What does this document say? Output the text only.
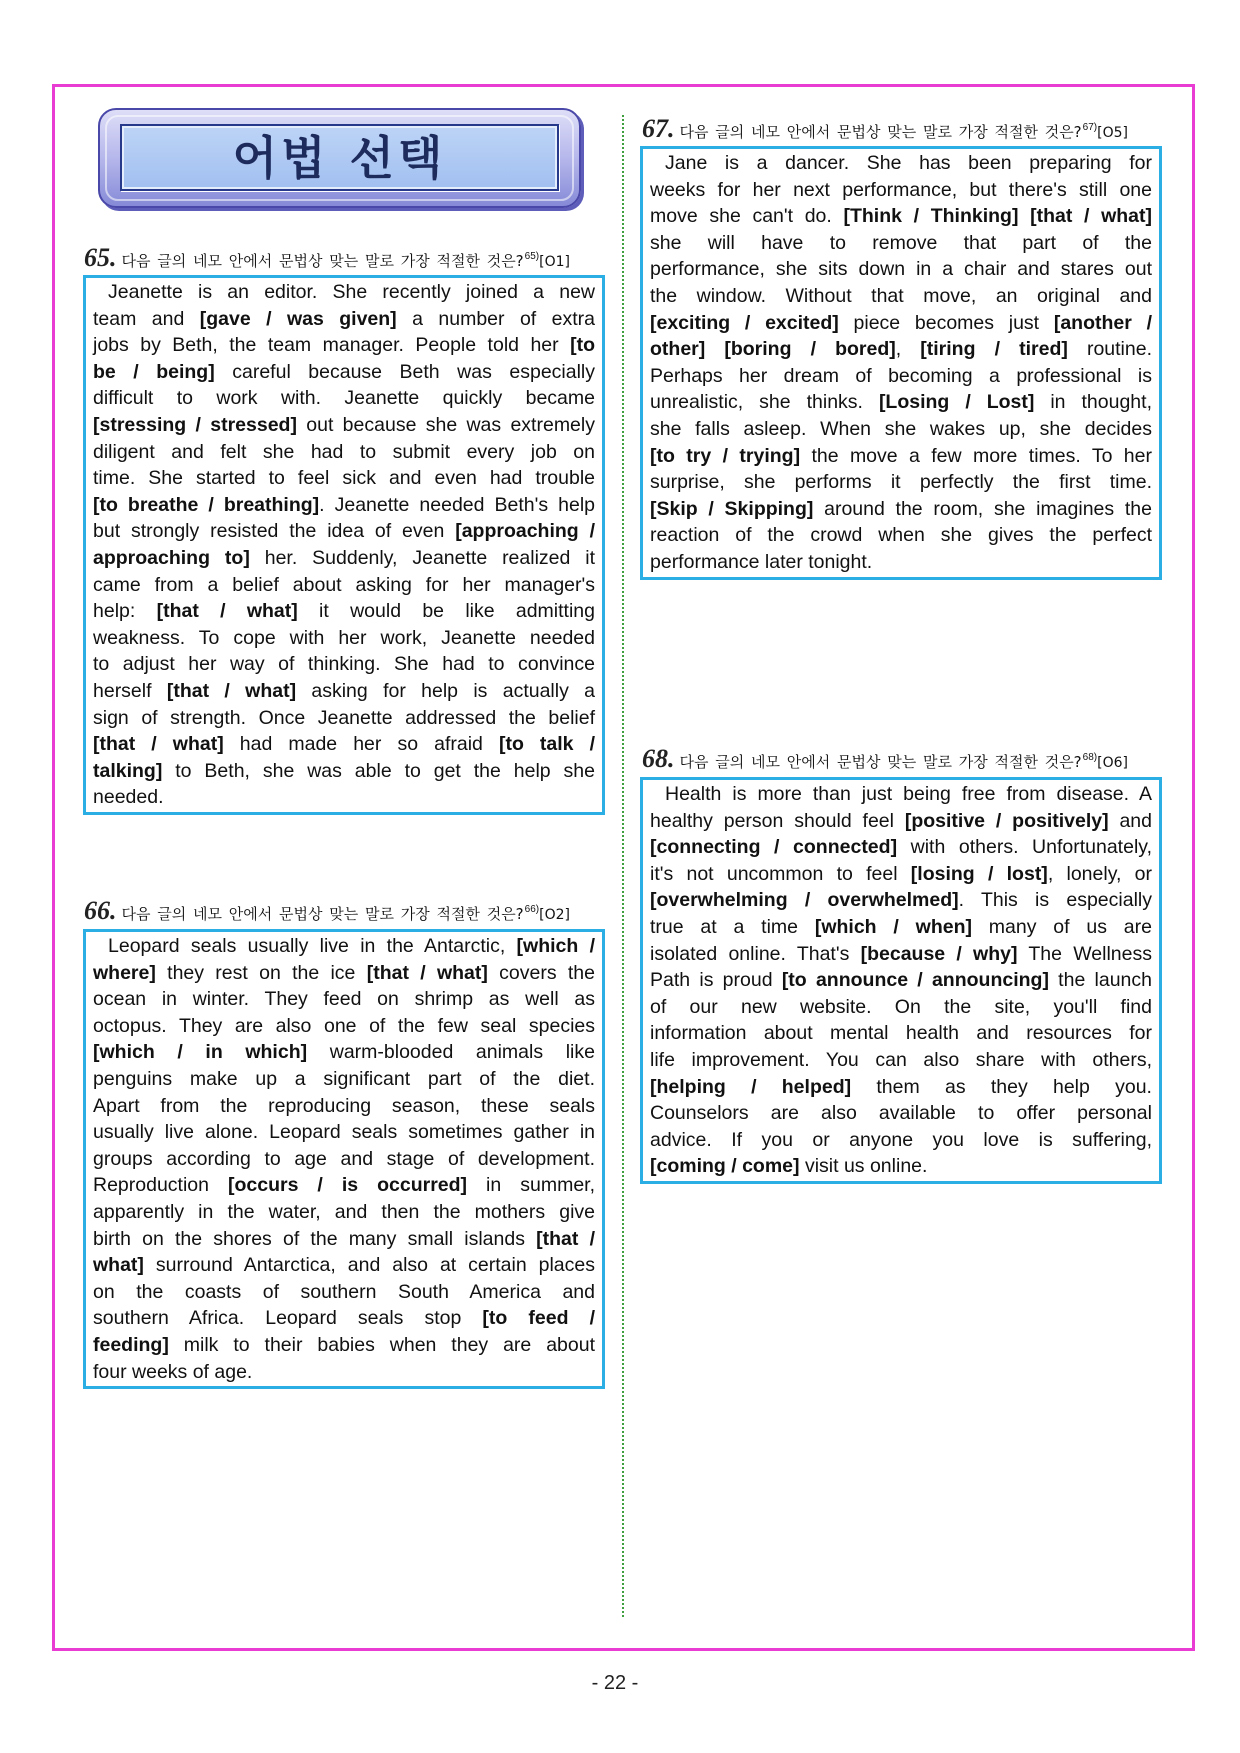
어법 선택
65. 다음 글의 네모 안에서 문법상 맞는 말로 가장 적절한 것은?$^{65)}$[O1]
Jeanette is an editor. She recently joined a new
team and [gave / was given] a number of extra
jobs by Beth, the team manager. People told her [to
be / being] careful because Beth was especially
difficult to work with. Jeanette quickly became
[stressing / stressed] out because she was extremely
diligent and felt she had to submit every job on
time. She started to feel sick and even had trouble
[to breathe / breathing]. Jeanette needed Beth's help
but strongly resisted the idea of even [approaching /
approaching to] her. Suddenly, Jeanette realized it
came from a belief about asking for her manager's
help: [that / what] it would be like admitting
weakness. To cope with her work, Jeanette needed
to adjust her way of thinking. She had to convince
herself [that / what] asking for help is actually a
sign of strength. Once Jeanette addressed the belief
[that / what] had made her so afraid [to talk /
talking] to Beth, she was able to get the help she
needed.
66. 다음 글의 네모 안에서 문법상 맞는 말로 가장 적절한 것은?$^{66)}$[O2]
Leopard seals usually live in the Antarctic, [which /
where] they rest on the ice [that / what] covers the
ocean in winter. They feed on shrimp as well as
octopus. They are also one of the few seal species
[which / in which] warm-blooded animals like
penguins make up a significant part of the diet.
Apart from the reproducing season, these seals
usually live alone. Leopard seals sometimes gather in
groups according to age and stage of development.
Reproduction [occurs / is occurred] in summer,
apparently in the water, and then the mothers give
birth on the shores of the many small islands [that /
what] surround Antarctica, and also at certain places
on the coasts of southern South America and
southern Africa. Leopard seals stop [to feed /
feeding] milk to their babies when they are about
four weeks of age.
67. 다음 글의 네모 안에서 문법상 맞는 말로 가장 적절한 것은?$^{67)}$[O5]
Jane is a dancer. She has been preparing for
weeks for her next performance, but there's still one
move she can't do. [Think / Thinking] [that / what]
she will have to remove that part of the
performance, she sits down in a chair and stares out
the window. Without that move, an original and
[exciting / excited] piece becomes just [another /
other] [boring / bored], [tiring / tired] routine.
Perhaps her dream of becoming a professional is
unrealistic, she thinks. [Losing / Lost] in thought,
she falls asleep. When she wakes up, she decides
[to try / trying] the move a few more times. To her
surprise, she performs it perfectly the first time.
[Skip / Skipping] around the room, she imagines the
reaction of the crowd when she gives the perfect
performance later tonight.
68. 다음 글의 네모 안에서 문법상 맞는 말로 가장 적절한 것은?$^{68)}$[O6]
Health is more than just being free from disease. A
healthy person should feel [positive / positively] and
[connecting / connected] with others. Unfortunately,
it's not uncommon to feel [losing / lost], lonely, or
[overwhelming / overwhelmed]. This is especially
true at a time [which / when] many of us are
isolated online. That's [because / why] The Wellness
Path is proud [to announce / announcing] the launch
of our new website. On the site, you'll find
information about mental health and resources for
life improvement. You can also share with others,
[helping / helped] them as they help you.
Counselors are also available to offer personal
advice. If you or anyone you love is suffering,
[coming / come] visit us online.
- 22 -
